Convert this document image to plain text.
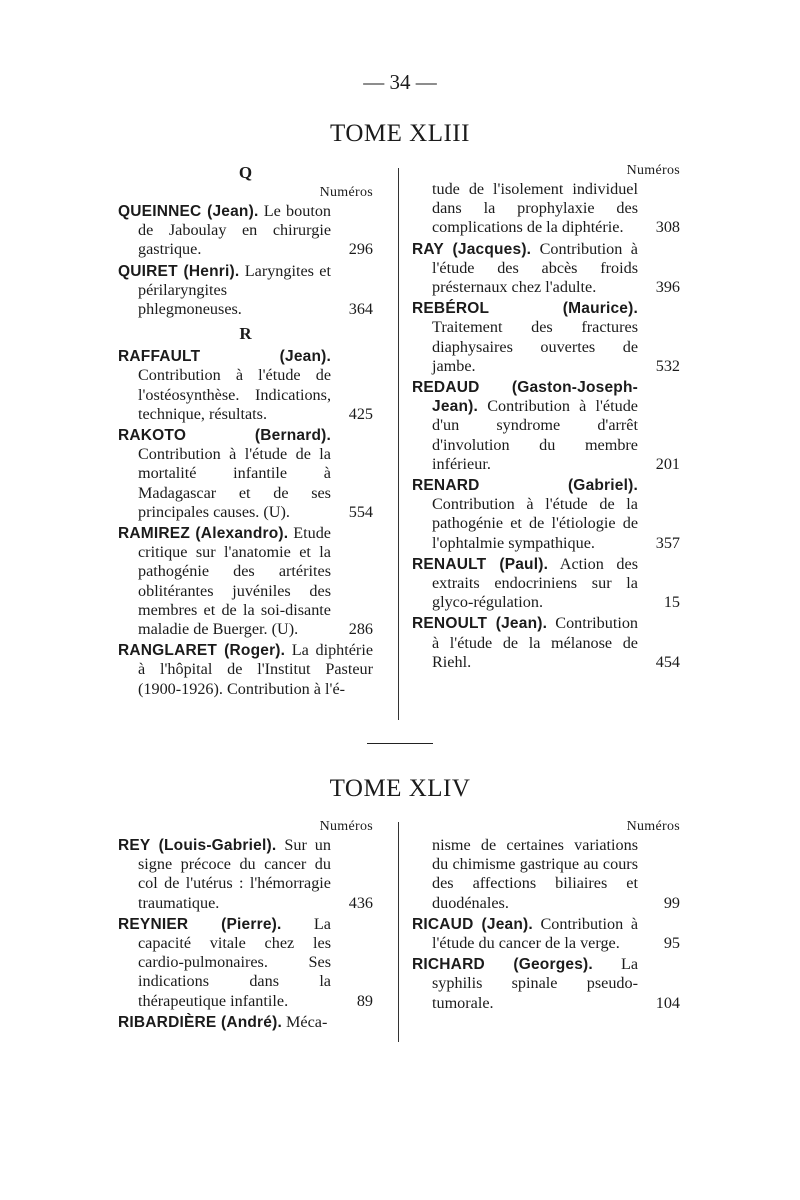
— 34 —
TOME XLIII
Q
Numéros
QUEINNEC (Jean). Le bouton de Jaboulay en chirurgie gastrique.	296
QUIRET (Henri). Laryngites et périlaryngites phlegmoneuses.	364
R
RAFFAULT (Jean). Contribution à l'étude de l'ostéosynthèse. Indications, technique, résultats.	425
RAKOTO (Bernard). Contribution à l'étude de la mortalité infantile à Madagascar et de ses principales causes. (U).	554
RAMIREZ (Alexandro). Etude critique sur l'anatomie et la pathogénie des artérites oblitérantes juvéniles des membres et de la soi-disante maladie de Buerger. (U).	286
RANGLARET (Roger). La diphtérie à l'hôpital de l'Institut Pasteur (1900-1926). Contribution à l'é-
Numéros
tude de l'isolement individuel dans la prophylaxie des complications de la diphtérie.	308
RAY (Jacques). Contribution à l'étude des abcès froids présternaux chez l'adulte.	396
REBÉROL (Maurice). Traitement des fractures diaphysaires ouvertes de jambe.	532
REDAUD (Gaston-Joseph-Jean). Contribution à l'étude d'un syndrome d'arrêt d'involution du membre inférieur.	201
RENARD (Gabriel). Contribution à l'étude de la pathogénie et de l'étiologie de l'ophtalmie sympathique.	357
RENAULT (Paul). Action des extraits endocriniens sur la glyco-régulation.	15
RENOULT (Jean). Contribution à l'étude de la mélanose de Riehl.	454
TOME XLIV
Numéros
REY (Louis-Gabriel). Sur un signe précoce du cancer du col de l'utérus : l'hémorragie traumatique.	436
REYNIER (Pierre). La capacité vitale chez les cardio-pulmonaires. Ses indications dans la thérapeutique infantile.	89
RIBARDIÈRE (André). Méca-
Numéros
nisme de certaines variations du chimisme gastrique au cours des affections biliaires et duodénales.	99
RICAUD (Jean). Contribution à l'étude du cancer de la verge.	95
RICHARD (Georges). La syphilis spinale pseudo-tumorale.	104
